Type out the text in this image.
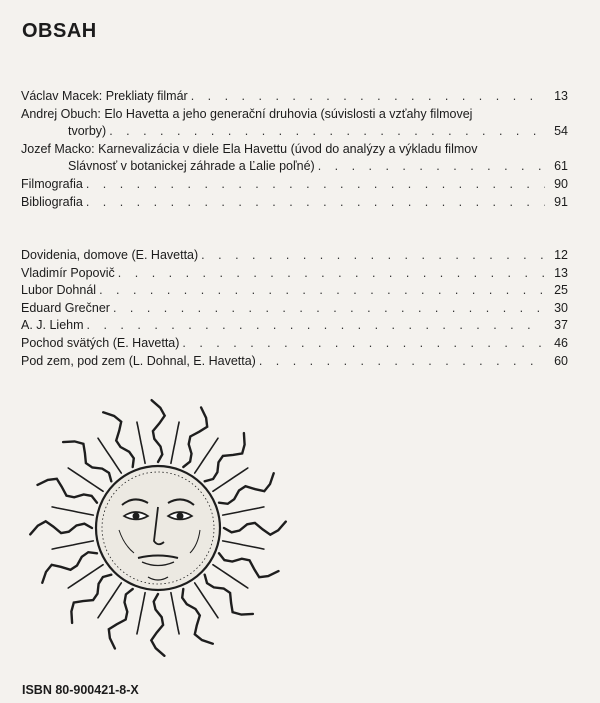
OBSAH
Václav Macek: Prekliaty filmár . . .	13
Andrej Obuch: Elo Havetta a jeho generační druhovia (súvislosti a vzťahy filmovej
tvorby) . . .	54
Jozef Macko: Karnevalizácia v diele Ela Havettu (úvod do analýzy a výkladu filmov
Slávnosť v botanickej záhrade a Ľalie poľné) . . .	61
Filmografia . . .	90
Bibliografia . . .	91
Dovidenia, domove (E. Havetta) . . .	12
Vladimír Popovič . . .	13
Lubor Dohnál . . .	25
Eduard Grečner . . .	30
A. J. Liehm . . .	37
Pochod svätých (E. Havetta) . . .	46
Pod zem, pod zem (L. Dohnal, E. Havetta) . . .	60
ISBN 80-900421-8-X
